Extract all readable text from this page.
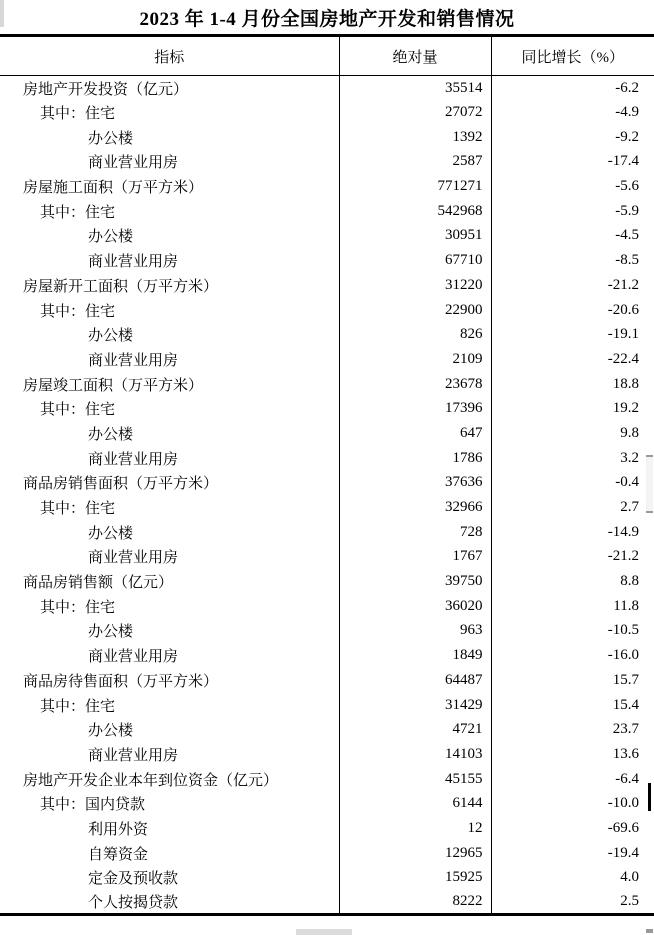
2023 年 1-4 月份全国房地产开发和销售情况
指标	绝对量	同比增长（%）
房地产开发投资（亿元）	35514	-6.2
其中：住宅	27072	-4.9
办公楼	1392	-9.2
商业营业用房	2587	-17.4
房屋施工面积（万平方米）	771271	-5.6
其中：住宅	542968	-5.9
办公楼	30951	-4.5
商业营业用房	67710	-8.5
房屋新开工面积（万平方米）	31220	-21.2
其中：住宅	22900	-20.6
办公楼	826	-19.1
商业营业用房	2109	-22.4
房屋竣工面积（万平方米）	23678	18.8
其中：住宅	17396	19.2
办公楼	647	9.8
商业营业用房	1786	3.2
商品房销售面积（万平方米）	37636	-0.4
其中：住宅	32966	2.7
办公楼	728	-14.9
商业营业用房	1767	-21.2
商品房销售额（亿元）	39750	8.8
其中：住宅	36020	11.8
办公楼	963	-10.5
商业营业用房	1849	-16.0
商品房待售面积（万平方米）	64487	15.7
其中：住宅	31429	15.4
办公楼	4721	23.7
商业营业用房	14103	13.6
房地产开发企业本年到位资金（亿元）	45155	-6.4
其中：国内贷款	6144	-10.0
利用外资	12	-69.6
自筹资金	12965	-19.4
定金及预收款	15925	4.0
个人按揭贷款	8222	2.5
